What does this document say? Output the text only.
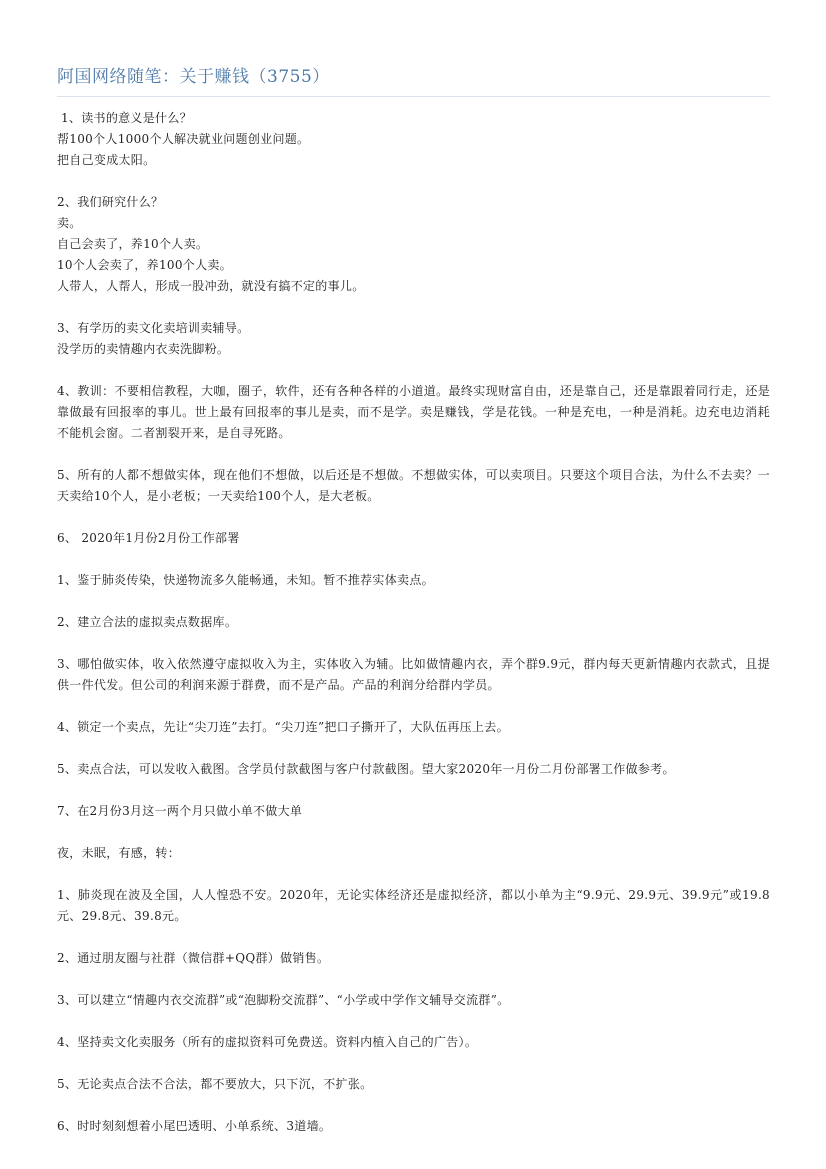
阿国网络随笔：关于赚钱（3755）
1、读书的意义是什么？
帮100个人1000个人解决就业问题创业问题。
把自己变成太阳。
2、我们研究什么？
卖。
自己会卖了，养10个人卖。
10个人会卖了，养100个人卖。
人带人，人帮人，形成一股冲劲，就没有搞不定的事儿。
3、有学历的卖文化卖培训卖辅导。
没学历的卖情趣内衣卖洗脚粉。
4、教训：不要相信教程，大咖，圈子，软件，还有各种各样的小道道。最终实现财富自由，还是靠自己，还是靠跟着同行走，还是靠做最有回报率的事儿。世上最有回报率的事儿是卖，而不是学。卖是赚钱，学是花钱。一种是充电，一种是消耗。边充电边消耗不能机会窗。二者割裂开来，是自寻死路。
5、所有的人都不想做实体，现在他们不想做，以后还是不想做。不想做实体，可以卖项目。只要这个项目合法，为什么不去卖？一天卖给10个人，是小老板；一天卖给100个人，是大老板。
6、 2020年1月份2月份工作部署
1、鉴于肺炎传染，快递物流多久能畅通，未知。暂不推荐实体卖点。
2、建立合法的虚拟卖点数据库。
3、哪怕做实体，收入依然遵守虚拟收入为主，实体收入为辅。比如做情趣内衣，弄个群9.9元，群内每天更新情趣内衣款式，且提供一件代发。但公司的利润来源于群费，而不是产品。产品的利润分给群内学员。
4、锁定一个卖点，先让“尖刀连”去打。“尖刀连”把口子撕开了，大队伍再压上去。
5、卖点合法，可以发收入截图。含学员付款截图与客户付款截图。望大家2020年一月份二月份部署工作做参考。
7、在2月份3月这一两个月只做小单不做大单
夜，未眠，有感，转：
1、肺炎现在波及全国，人人惶恐不安。2020年，无论实体经济还是虚拟经济，都以小单为主“9.9元、29.9元、39.9元”或19.8元、29.8元、39.8元。
2、通过朋友圈与社群（微信群+QQ群）做销售。
3、可以建立“情趣内衣交流群”或“泡脚粉交流群”、“小学或中学作文辅导交流群”。
4、坚持卖文化卖服务（所有的虚拟资料可免费送。资料内植入自己的广告）。
5、无论卖点合法不合法，都不要放大，只下沉，不扩张。
6、时时刻刻想着小尾巴透明、小单系统、3道墙。
